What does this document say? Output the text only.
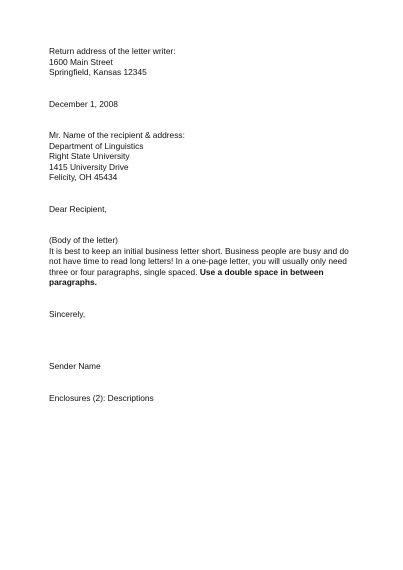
Return address of the letter writer:
1600 Main Street
Springfield, Kansas 12345
December 1, 2008
Mr. Name of the recipient & address:
Department of Linguistics
Right State University
1415 University Drive
Felicity, OH 45434
Dear Recipient,
(Body of the letter)
It is best to keep an initial business letter short. Business people are busy and do not have time to read long letters! In a one-page letter, you will usually only need three or four paragraphs, single spaced. Use a double space in between paragraphs.
Sincerely,
Sender Name
Enclosures (2): Descriptions
